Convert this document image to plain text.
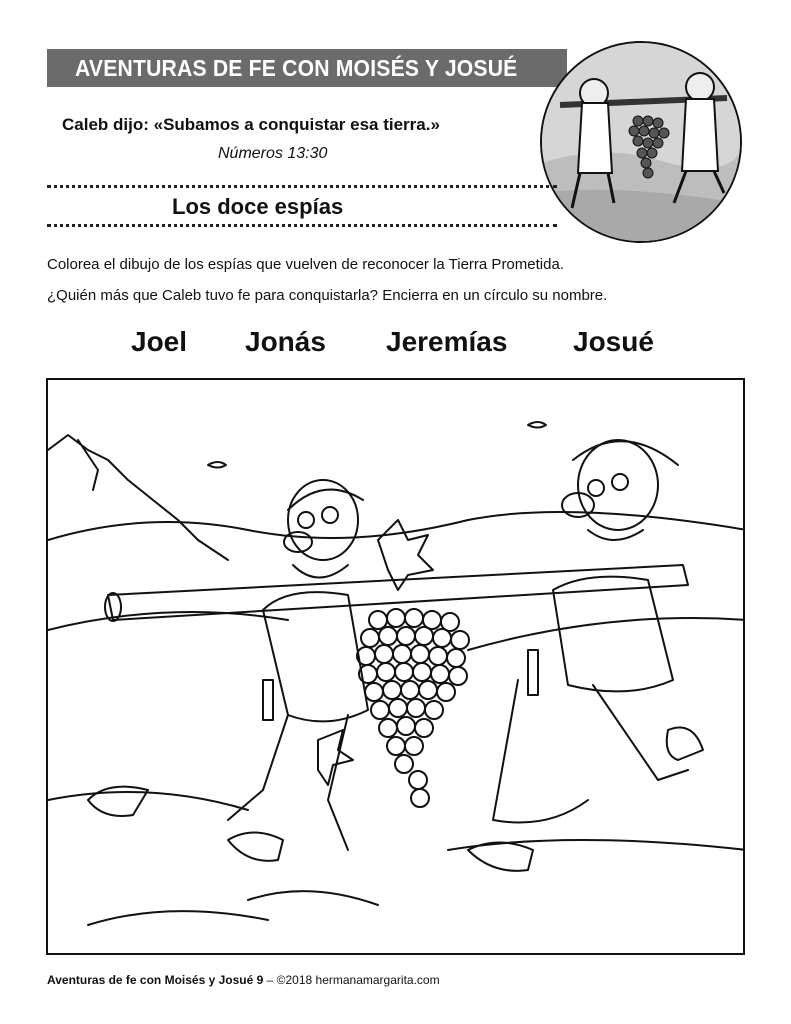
AVENTURAS DE FE CON MOISÉS Y JOSUÉ
Caleb dijo: «Subamos a conquistar esa tierra.»
Números 13:30
Los doce espías
Colorea el dibujo de los espías que vuelven de reconocer la Tierra Prometida.
¿Quién más que Caleb tuvo fe para conquistarla? Encierra en un círculo su nombre.
Joel Jonás Jeremías Josué
Aventuras de fe con Moisés y Josué 9 – ©2018 hermanamargarita.com
